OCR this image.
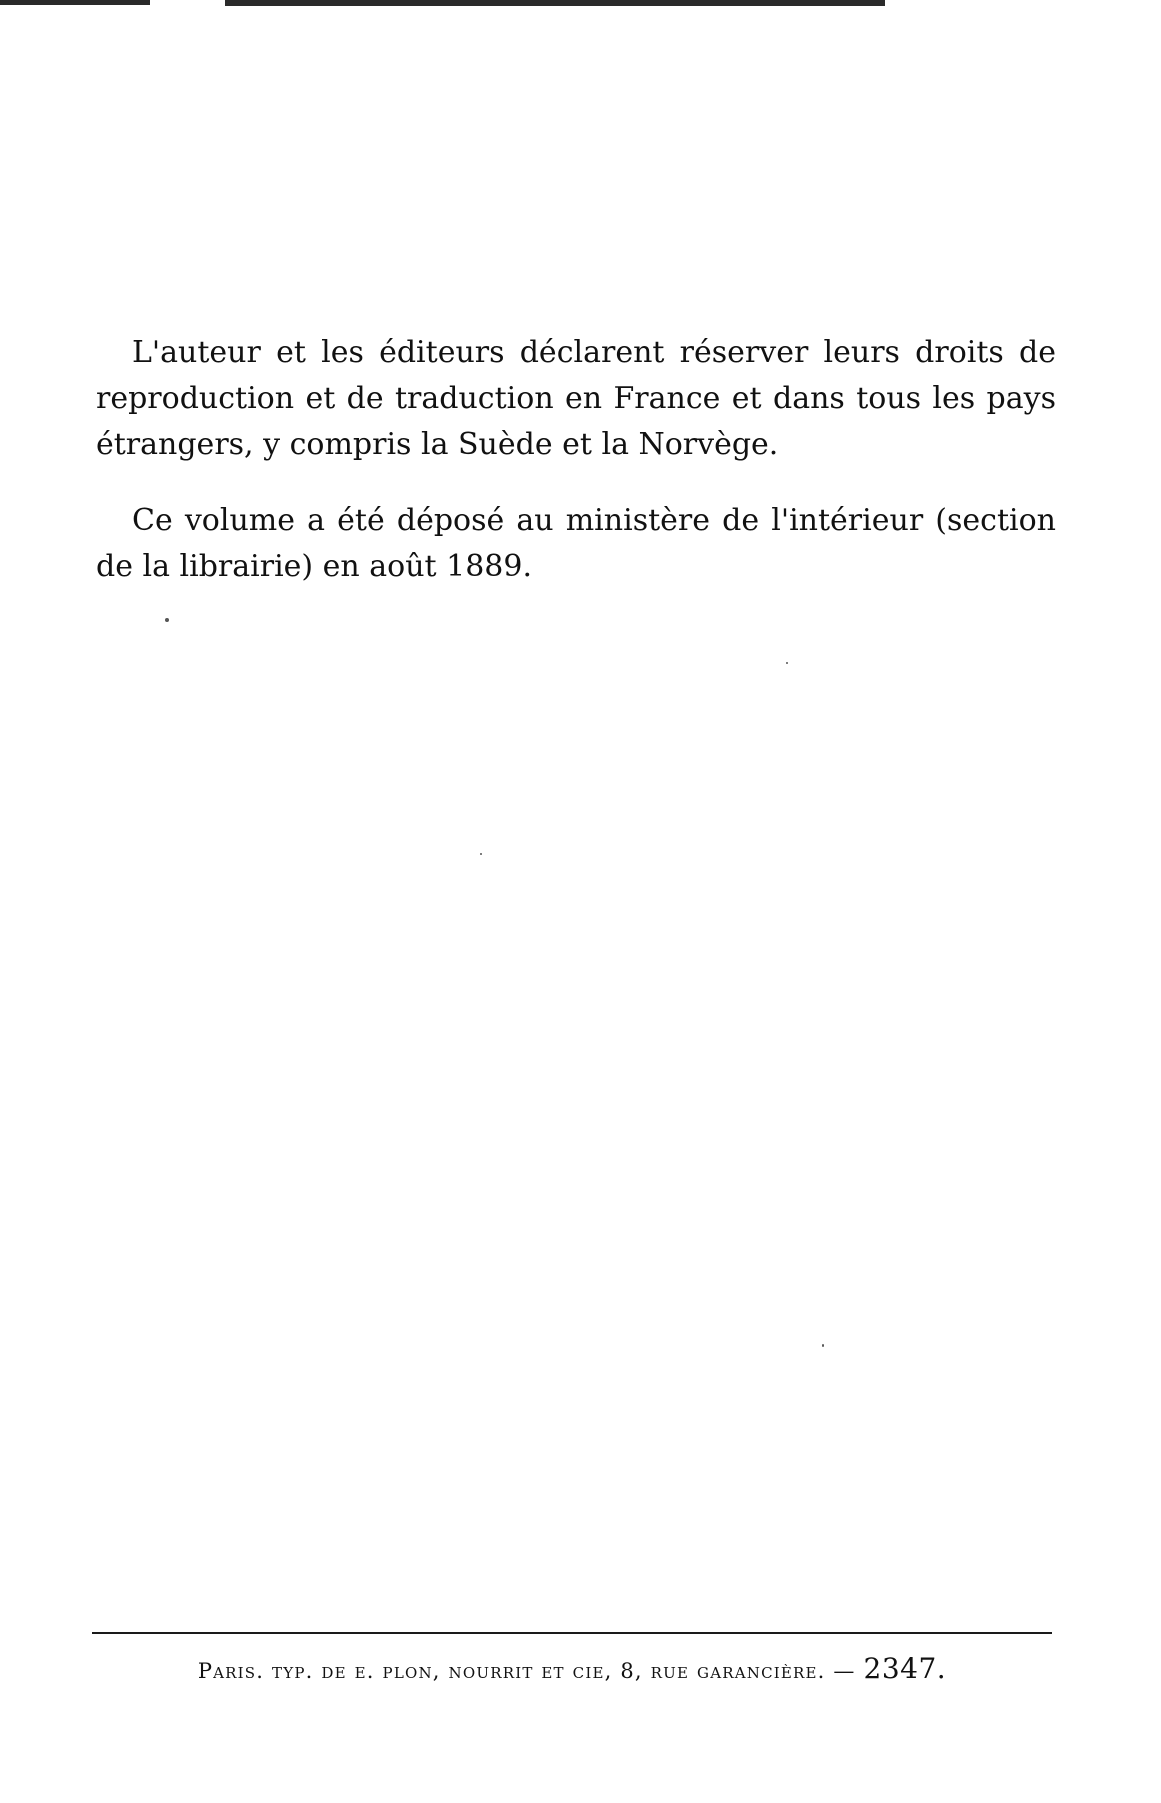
L'auteur et les éditeurs déclarent réserver leurs droits de reproduction et de traduction en France et dans tous les pays étrangers, y compris la Suède et la Norvège.

Ce volume a été déposé au ministère de l'intérieur (section de la librairie) en août 1889.

Paris. typ. de e. plon, nourrit et cie, 8, rue garancière. — 2347.
